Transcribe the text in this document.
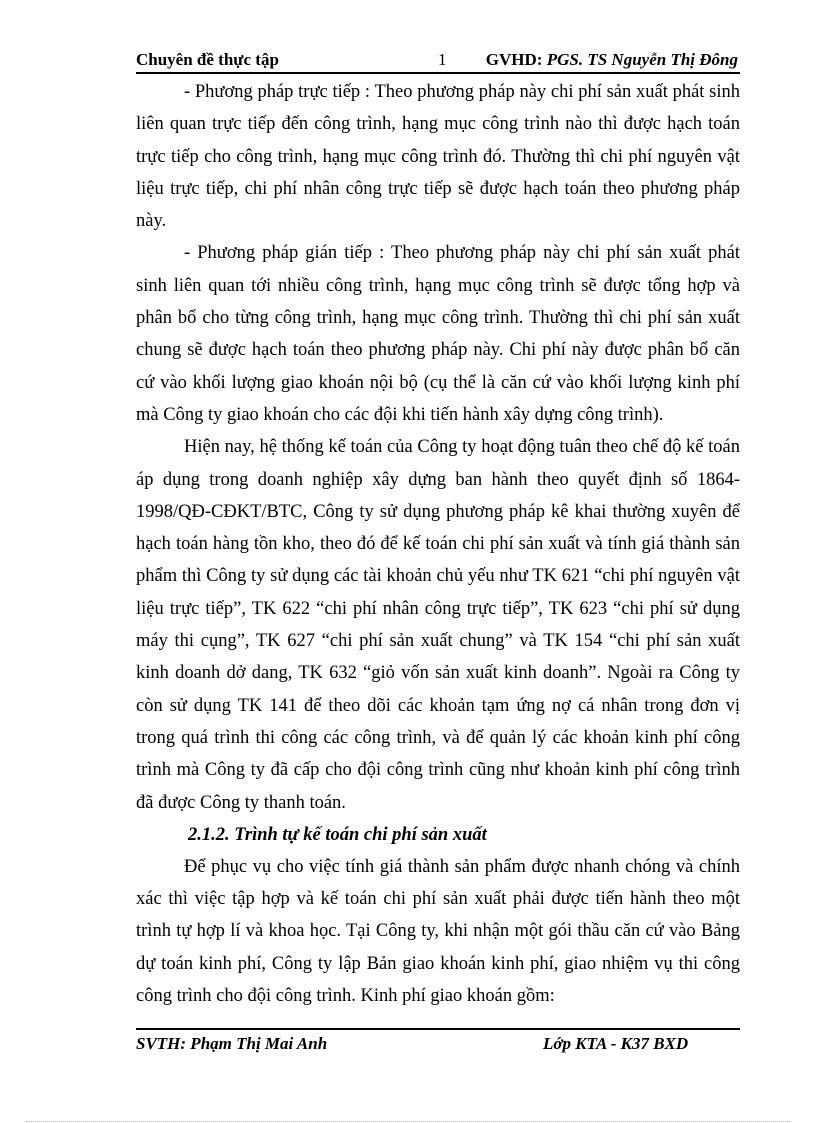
Chuyên đề thực tập	1 GVHD: PGS. TS Nguyễn Thị Đông

- Phương pháp trực tiếp : Theo phương pháp này chi phí sản xuất phát sinh liên quan trực tiếp đến công trình, hạng mục công trình nào thì được hạch toán trực tiếp cho công trình, hạng mục công trình đó. Thường thì chi phí nguyên vật liệu trực tiếp, chi phí nhân công trực tiếp sẽ được hạch toán theo phương pháp này.

- Phương pháp gián tiếp : Theo phương pháp này chi phí sản xuất phát sinh liên quan tới nhiều công trình, hạng mục công trình sẽ được tổng hợp và phân bổ cho từng công trình, hạng mục công trình. Thường thì chi phí sản xuất chung sẽ được hạch toán theo phương pháp này. Chi phí này được phân bổ căn cứ vào khối lượng giao khoán nội bộ (cụ thể là căn cứ vào khối lượng kinh phí mà Công ty giao khoán cho các đội khi tiến hành xây dựng công trình).

Hiện nay, hệ thống kế toán của Công ty hoạt động tuân theo chế độ kế toán áp dụng trong doanh nghiệp xây dựng ban hành theo quyết định số 1864-1998/QĐ-CĐKT/BTC, Công ty sử dụng phương pháp kê khai thường xuyên để hạch toán hàng tồn kho, theo đó để kế toán chi phí sản xuất và tính giá thành sản phẩm thì Công ty sử dụng các tài khoản chủ yếu như TK 621 “chi phí nguyên vật liệu trực tiếp”, TK 622 “chi phí nhân công trực tiếp”, TK 623 “chi phí sử dụng máy thi cụng”, TK 627 “chi phí sản xuất chung” và TK 154 “chi phí sản xuất kinh doanh dở dang, TK 632 “giỏ vốn sản xuất kinh doanh”. Ngoài ra Công ty còn sử dụng TK 141 để theo dõi các khoản tạm ứng nợ cá nhân trong đơn vị trong quá trình thi công các công trình, và để quản lý các khoản kinh phí công trình mà Công ty đã cấp cho đội công trình cũng như khoản kinh phí công trình đã được Công ty thanh toán.

2.1.2. Trình tự kế toán chi phí sản xuất

Để phục vụ cho việc tính giá thành sản phẩm được nhanh chóng và chính xác thì việc tập hợp và kế toán chi phí sản xuất phải được tiến hành theo một trình tự hợp lí và khoa học. Tại Công ty, khi nhận một gói thầu căn cứ vào Bảng dự toán kinh phí, Công ty lập Bản giao khoán kinh phí, giao nhiệm vụ thi công công trình cho đội công trình. Kinh phí giao khoán gồm:

SVTH: Phạm Thị Mai Anh	Lớp KTA - K37 BXD
